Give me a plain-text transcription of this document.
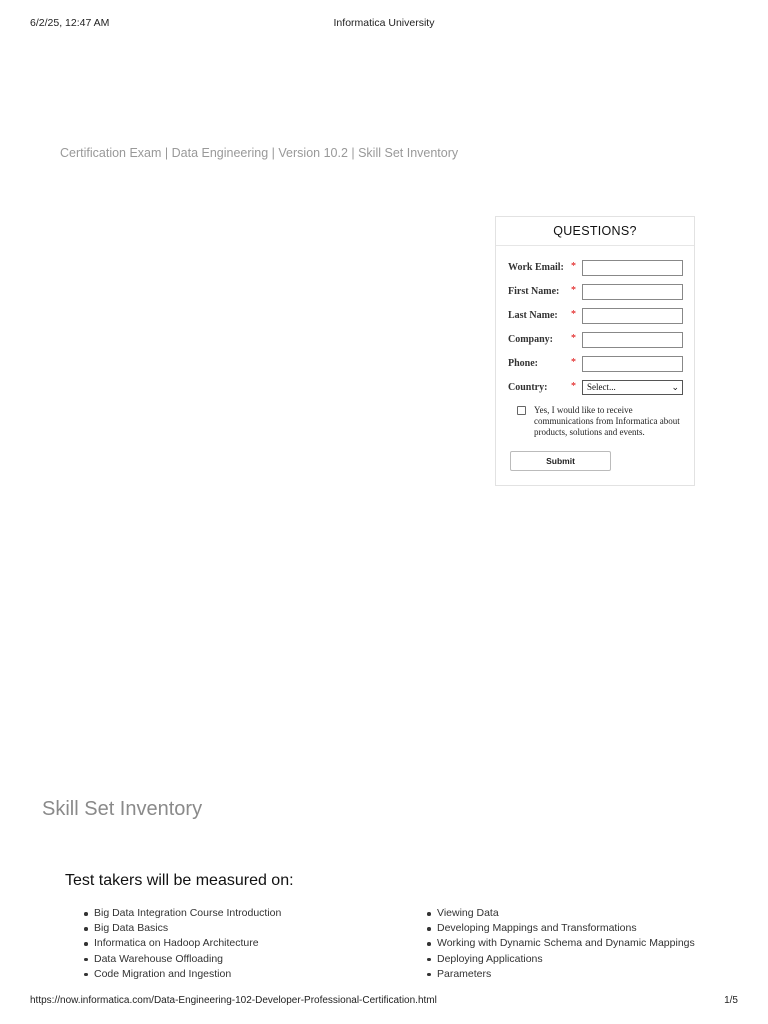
6/2/25, 12:47 AM	Informatica University
Certification Exam | Data Engineering | Version 10.2 | Skill Set Inventory
QUESTIONS?
Work Email: *
First Name: *
Last Name: *
Company: *
Phone:	*
Country: *	Select...	⌄
Yes, I would like to receive communications from Informatica about products, solutions and events.
Submit
Skill Set Inventory
Test takers will be measured on:
Big Data Integration Course Introduction
Big Data Basics
Informatica on Hadoop Architecture
Data Warehouse Offloading
Code Migration and Ingestion
Viewing Data
Developing Mappings and Transformations
Working with Dynamic Schema and Dynamic Mappings
Deploying Applications
Parameters
https://now.informatica.com/Data-Engineering-102-Developer-Professional-Certification.html	1/5
